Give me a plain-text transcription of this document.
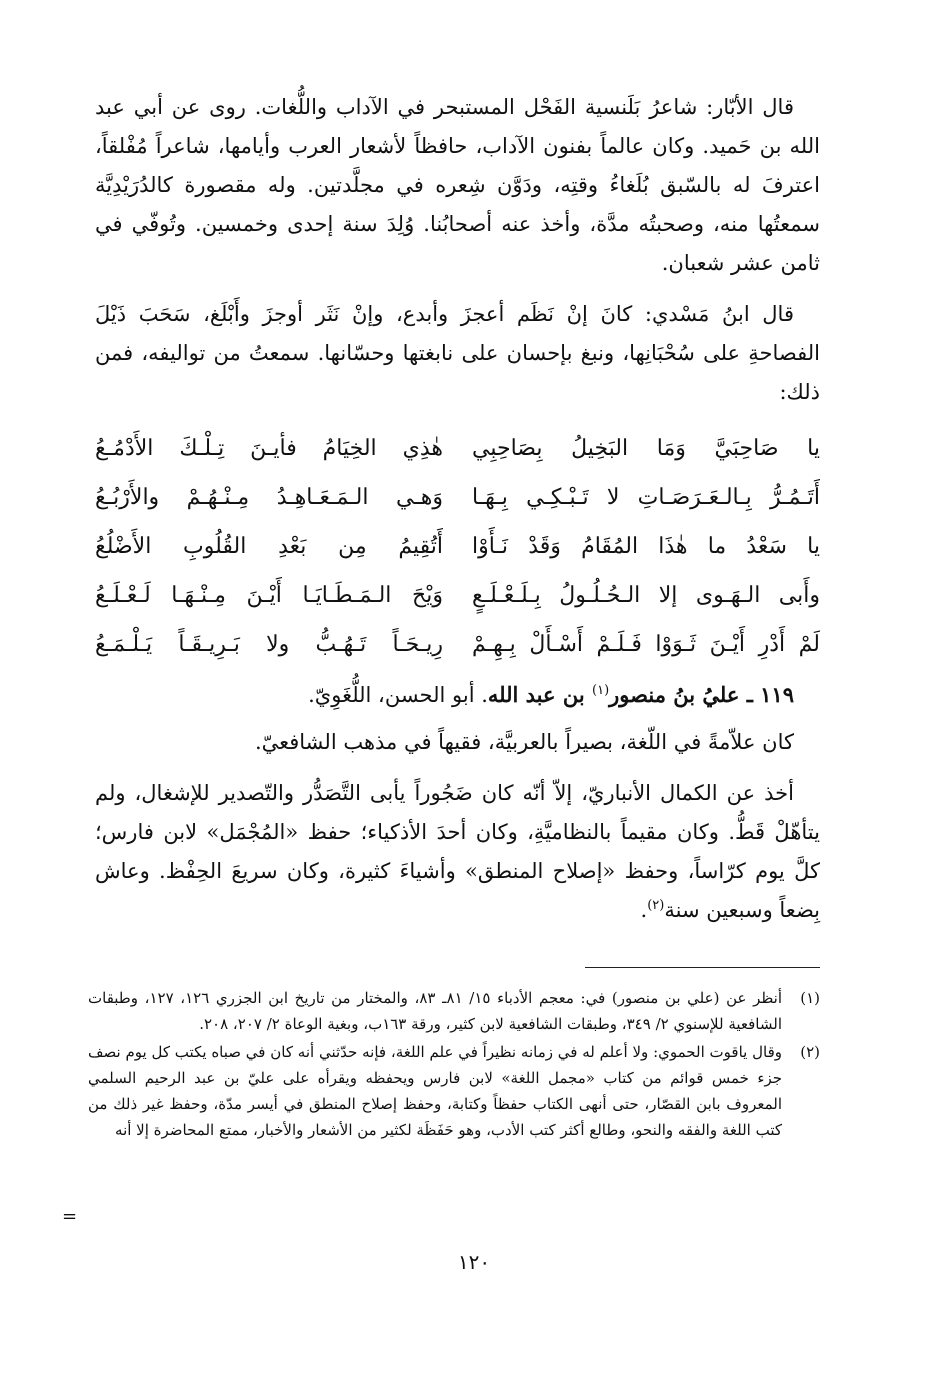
قال الأبّار: شاعرُ بَلَنسية الفَحْل المستبحر في الآداب واللُّغات. روى عن أبي عبد الله بن حَميد. وكان عالماً بفنون الآداب، حافظاً لأشعار العرب وأيامها، شاعراً مُفْلقاً، اعترفَ له بالسّبق بُلَغاءُ وقتِه، ودَوَّن شِعره في مجلَّدتين. وله مقصورة كالدُرَيْدِيَّة سمعتُها منه، وصحبتُه مدَّة، وأخذ عنه أصحابُنا. وُلِدَ سنة إحدى وخمسين. وتُوفّي في ثامن عشر شعبان.

قال ابنُ مَسْدي: كانَ إنْ نَظَم أعجزَ وأبدع، وإنْ نَثَر أوجزَ وأَبْلَغ، سَحَبَ ذَيْلَ الفصاحةِ على سُحْبَانِها، ونبغ بإحسان على نابغتها وحسّانها. سمعتُ من تواليفه، فمن ذلك:

يا صَاحِبَيَّ وَمَا البَخِيلُ بِصَاحِبِي
هٰذِي الخِيَامُ فأيـنَ تِـلْـكَ الأَدْمُـعُ
أَتَـمُـرُّ بِـالـعَـرَصَـاتِ لا تَـبْـكِـي بِـهَـا
وَهـي الـمَـعَـاهِـدُ مِـنْـهُـمْ والأَرْبُـعُ
يا سَعْدُ ما هٰذَا المُقَامُ وَقَدْ نَـأَوْا
أَتُقِيمُ مِن بَعْدِ القُلُوبِ الأَضْلُعُ
وأَبى الـهَـوى إلا الـحُـلُـولُ بِـلَـعْـلَـعٍ
وَيْحَ الـمَـطَـايَـا أَيْـنَ مِـنْـهَـا لَـعْـلَـعُ
لَمْ أَدْرِ أَيْـنَ ثَـوَوْا فَـلَـمْ أَسْـأَلْ بِـهِـمْ
رِيـحَـاً تَـهُـبُّ ولا بَـرِيـقَـاً يَـلْـمَـعُ
١١٩ ـ عليُ بنُ منصور$^{(١)}$ بن عبد الله. أبو الحسن، اللُّغَوِيّ.

كان علاّمةً في اللّغة، بصيراً بالعربيَّة، فقيهاً في مذهب الشافعيّ.

أخذ عن الكمال الأنباريّ، إلاّ أنّه كان ضَجُوراً يأبى التَّصَدُّر والتّصدير للإشغال، ولم يتأهّلْ قَطُّ. وكان مقيماً بالنظاميَّةِ، وكان أحدَ الأذكياء؛ حفظ «المُجْمَل» لابن فارس؛ كلَّ يوم كرّاساً، وحفظ «إصلاح المنطق» وأشياءَ كثيرة، وكان سريعَ الحِفْظ. وعاش بِضعاً وسبعين سنة$^{(٢)}$.

(١)
أنظر عن (علي بن منصور) في: معجم الأدباء ١٥/ ٨١ـ ٨٣، والمختار من تاريخ ابن الجزري ١٢٦، ١٢٧، وطبقات الشافعية للإسنوي ٢/ ٣٤٩، وطبقات الشافعية لابن كثير، ورقة ١٦٣ب، وبغية الوعاة ٢/ ٢٠٧، ٢٠٨.
(٢)
وقال ياقوت الحموي: ولا أعلم له في زمانه نظيراً في علم اللغة، فإنه حدّثني أنه كان في صباه يكتب كل يوم نصف جزء خمس قوائم من كتاب «مجمل اللغة» لابن فارس ويحفظه ويقرأه على عليّ بن عبد الرحيم السلمي المعروف بابن القصّار، حتى أنهى الكتاب حفظاً وكتابة، وحفظ إصلاح المنطق في أيسر مدّة، وحفظ غير ذلك من كتب اللغة والفقه والنحو، وطالع أكثر كتب الأدب، وهو حَفَظَة لكثير من الأشعار والأخبار، ممتع المحاضرة إلا أنه
=
١٢٠
